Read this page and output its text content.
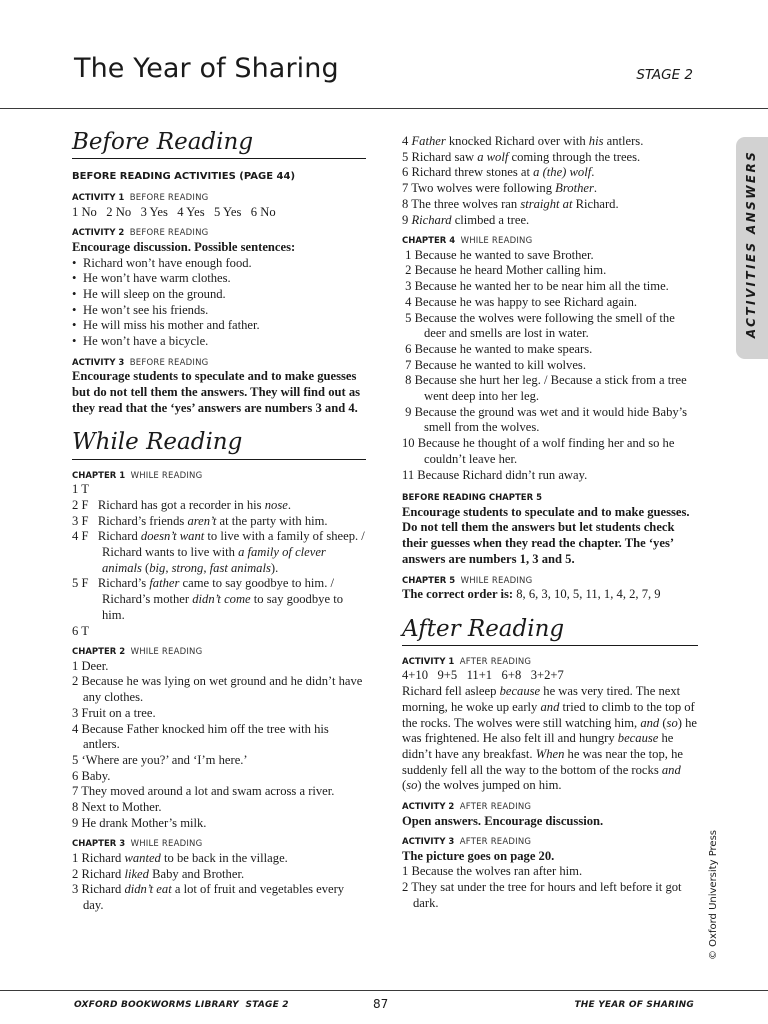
The Year of Sharing	STAGE 2
Before Reading
BEFORE READING ACTIVITIES (PAGE 44)
ACTIVITY 1 BEFORE READING
1 No   2 No   3 Yes   4 Yes   5 Yes   6 No
ACTIVITY 2 BEFORE READING
Encourage discussion. Possible sentences:
• Richard won’t have enough food.
• He won’t have warm clothes.
• He will sleep on the ground.
• He won’t see his friends.
• He will miss his mother and father.
• He won’t have a bicycle.
ACTIVITY 3 BEFORE READING
Encourage students to speculate and to make guesses but do not tell them the answers. They will find out as they read that the ‘yes’ answers are numbers 3 and 4.
While Reading
CHAPTER 1 WHILE READING
1 T
2 F   Richard has got a recorder in his nose.
3 F   Richard’s friends aren’t at the party with him.
4 F   Richard doesn’t want to live with a family of sheep. / Richard wants to live with a family of clever animals (big, strong, fast animals).
5 F   Richard’s father came to say goodbye to him. / Richard’s mother didn’t come to say goodbye to him.
6 T
CHAPTER 2 WHILE READING
1 Deer.
2 Because he was lying on wet ground and he didn’t have any clothes.
3 Fruit on a tree.
4 Because Father knocked him off the tree with his antlers.
5 ‘Where are you?’ and ‘I’m here.’
6 Baby.
7 They moved around a lot and swam across a river.
8 Next to Mother.
9 He drank Mother’s milk.
CHAPTER 3 WHILE READING
1 Richard wanted to be back in the village.
2 Richard liked Baby and Brother.
3 Richard didn’t eat a lot of fruit and vegetables every day.
4 Father knocked Richard over with his antlers.
5 Richard saw a wolf coming through the trees.
6 Richard threw stones at a (the) wolf.
7 Two wolves were following Brother.
8 The three wolves ran straight at Richard.
9 Richard climbed a tree.
CHAPTER 4 WHILE READING
1 Because he wanted to save Brother.
2 Because he heard Mother calling him.
3 Because he wanted her to be near him all the time.
4 Because he was happy to see Richard again.
5 Because the wolves were following the smell of the deer and smells are lost in water.
6 Because he wanted to make spears.
7 Because he wanted to kill wolves.
8 Because she hurt her leg. / Because a stick from a tree went deep into her leg.
9 Because the ground was wet and it would hide Baby’s smell from the wolves.
10 Because he thought of a wolf finding her and so he couldn’t leave her.
11 Because Richard didn’t run away.
BEFORE READING CHAPTER 5
Encourage students to speculate and to make guesses. Do not tell them the answers but let students check their guesses when they read the chapter. The ‘yes’ answers are numbers 1, 3 and 5.
CHAPTER 5 WHILE READING
The correct order is: 8, 6, 3, 10, 5, 11, 1, 4, 2, 7, 9
After Reading
ACTIVITY 1 AFTER READING
4+10   9+5   11+1   6+8   3+2+7
Richard fell asleep because he was very tired. The next morning, he woke up early and tried to climb to the top of the rocks. The wolves were still watching him, and (so) he was frightened. He also felt ill and hungry because he didn’t have any breakfast. When he was near the top, he suddenly fell all the way to the bottom of the rocks and (so) the wolves jumped on him.
ACTIVITY 2 AFTER READING
Open answers. Encourage discussion.
ACTIVITY 3 AFTER READING
The picture goes on page 20.
1 Because the wolves ran after him.
2 They sat under the tree for hours and left before it got dark.
ACTIVITIES ANSWERS
© Oxford University Press
OXFORD BOOKWORMS LIBRARY  STAGE 2	87	THE YEAR OF SHARING
